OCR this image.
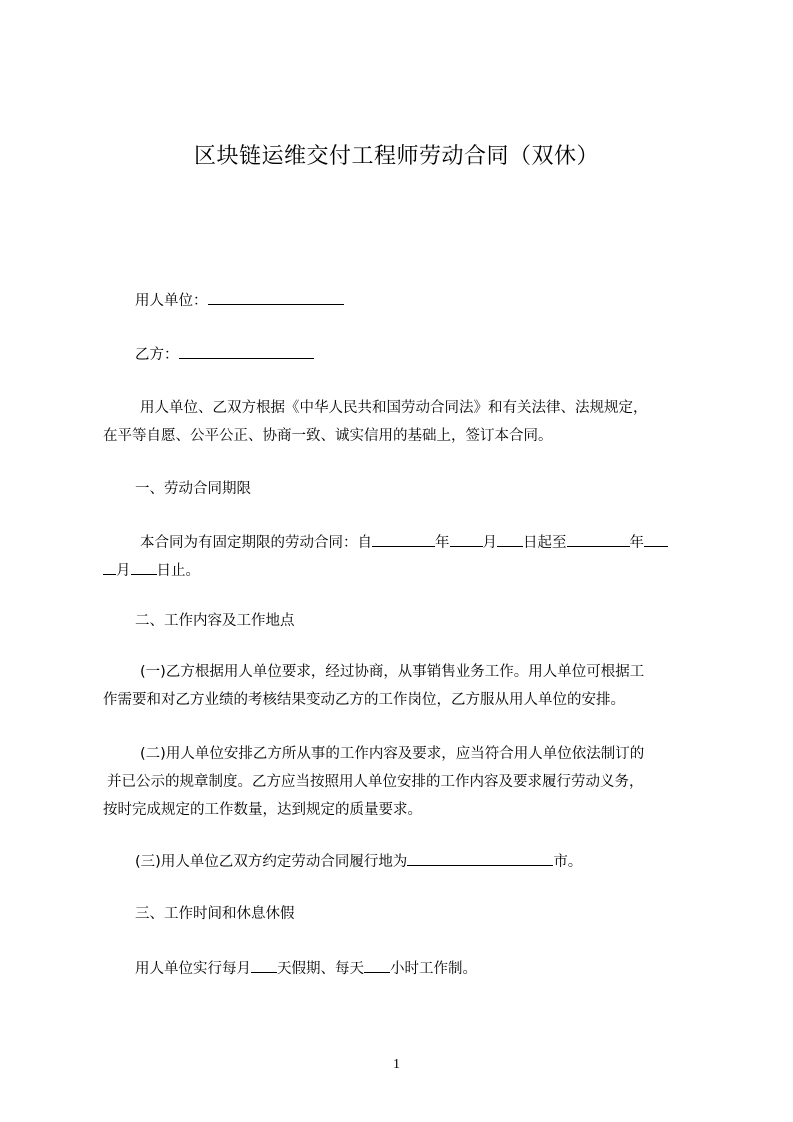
区块链运维交付工程师劳动合同（双休）
用人单位：
乙方：
用人单位、乙双方根据《中华人民共和国劳动合同法》和有关法律、法规规定，
在平等自愿、公平公正、协商一致、诚实信用的基础上，签订本合同。
一、劳动合同期限
本合同为有固定期限的劳动合同：自	年 月 日起至	年
月 日止。
二、工作内容及工作地点
(一)乙方根据用人单位要求，经过协商，从事销售业务工作。用人单位可根据工
作需要和对乙方业绩的考核结果变动乙方的工作岗位，乙方服从用人单位的安排。
(二)用人单位安排乙方所从事的工作内容及要求，应当符合用人单位依法制订的
并已公示的规章制度。乙方应当按照用人单位安排的工作内容及要求履行劳动义务，
按时完成规定的工作数量，达到规定的质量要求。
(三)用人单位乙双方约定劳动合同履行地为	市。
三、工作时间和休息休假
用人单位实行每月 天假期、每天 小时工作制。
1
